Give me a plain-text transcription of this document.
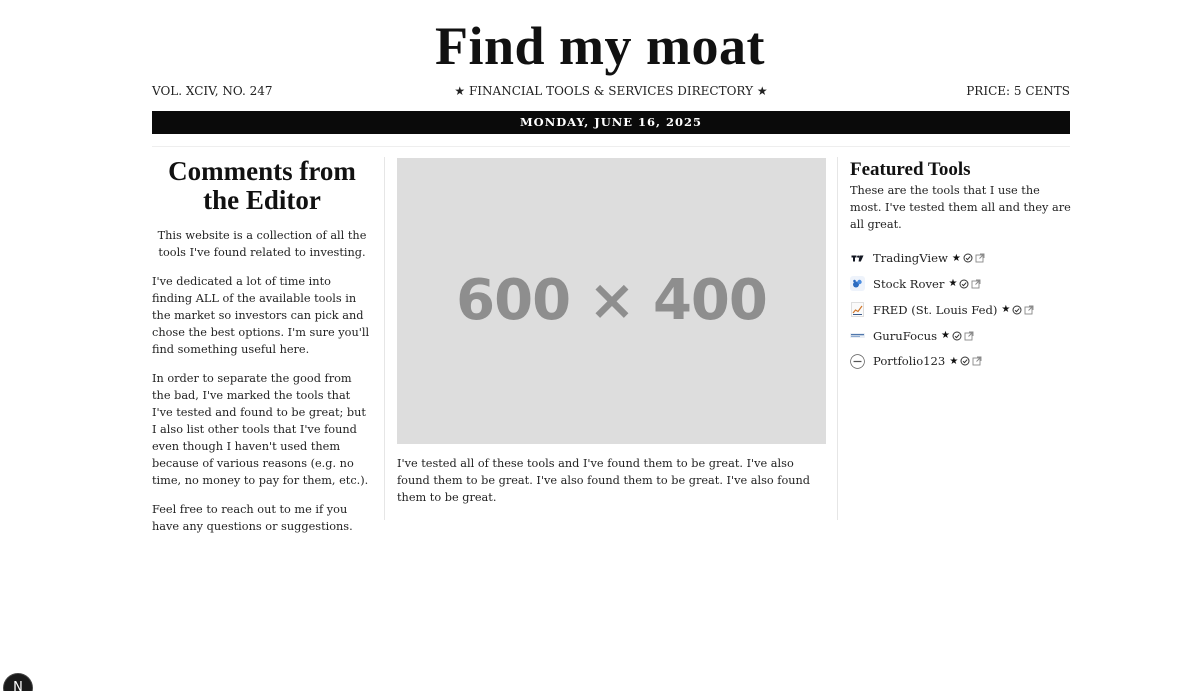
Find my moat
★ FINANCIAL TOOLS & SERVICES DIRECTORY ★
VOL. XCIV, NO. 247	PRICE: 5 CENTS
MONDAY, JUNE 16, 2025
Comments from the Editor

This website is a collection of all the tools I've found related to investing.

I've dedicated a lot of time into finding ALL of the available tools in the market so investors can pick and chose the best options. I'm sure you'll find something useful here.

In order to separate the good from the bad, I've marked the tools that I've tested and found to be great; but I also list other tools that I've found even though I haven't used them because of various reasons (e.g. no time, no money to pay for them, etc.).

Feel free to reach out to me if you have any questions or suggestions.

600 × 400
I've tested all of these tools and I've found them to be great. I've also found them to be great. I've also found them to be great. I've also found them to be great.
Featured Tools

These are the tools that I use the most. I've tested them all and they are all great.

TradingView ★
Stock Rover ★
FRED (St. Louis Fed) ★
GuruFocus ★
Portfolio123 ★
N
